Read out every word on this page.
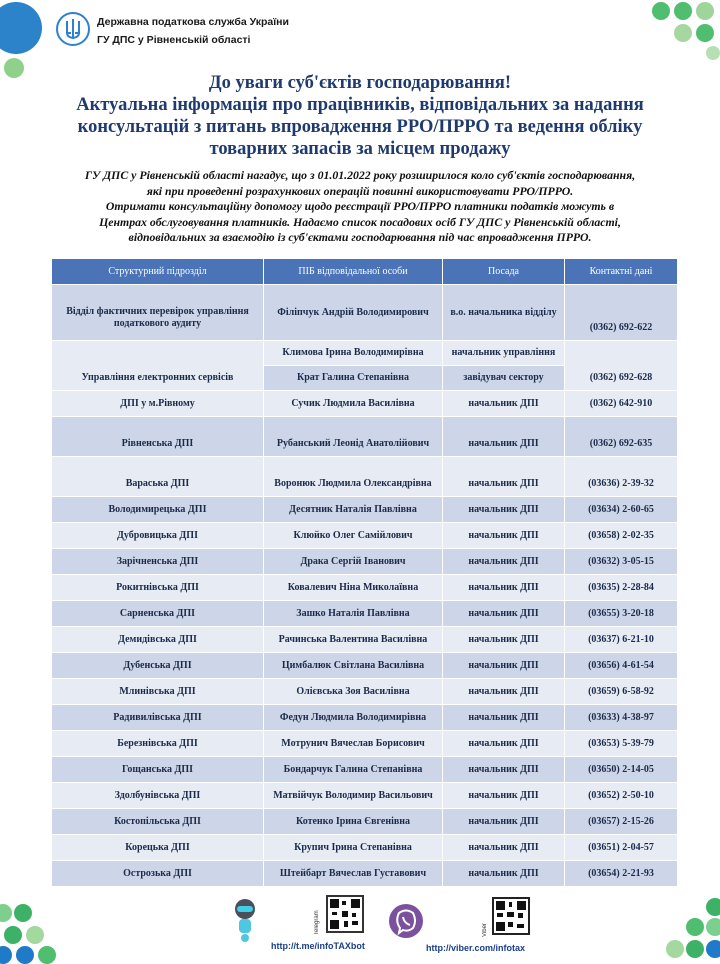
Державна податкова служба України
ГУ ДПС у Рівненській області
До уваги суб'єктів господарювання!
Актуальна інформація про працівників, відповідальних за надання
консультацій з питань впровадження РРО/ПРРО та ведення обліку
товарних запасів за місцем продажу
ГУ ДПС у Рівненській області нагадує, що з 01.01.2022 року розширилося коло суб'єктів господарювання,
які при проведенні розрахункових операцій повинні використовувати РРО/ПРРО.
Отримати консультаційну допомогу щодо реєстрації РРО/ПРРО платники податків можуть в
Центрах обслуговування платників. Надаємо список посадових осіб ГУ ДПС у Рівненській області,
відповідальних за взаємодію із суб'єктами господарювання під час впровадження ПРРО.
Структурний підрозділ	ПІБ відповідальної особи	Посада	Контактні дані
Відділ фактичних перевірок управління податкового аудиту	Філіпчук Андрій Володимирович	в.о. начальника відділу	(0362) 692-622
Управління електронних сервісів	Климова Ірина Володимирівна	начальник управління	(0362) 692-628
	Крат Галина Степанівна	завідувач сектору	
ДПІ у м.Рівному	Сучик Людмила Василівна	начальник ДПІ	(0362) 642-910
Рівненська ДПІ	Рубанський Леонід Анатолійович	начальник ДПІ	(0362) 692-635
Вараська ДПІ	Воронюк Людмила Олександрівна	начальник ДПІ	(03636) 2-39-32
Володимирецька ДПІ	Десятник Наталія Павлівна	начальник ДПІ	(03634) 2-60-65
Дубровицька ДПІ	Клюйко Олег Самійлович	начальник ДПІ	(03658) 2-02-35
Зарічненська ДПІ	Драка Сергій Іванович	начальник ДПІ	(03632) 3-05-15
Рокитнівська ДПІ	Ковалевич Ніна Миколаївна	начальник ДПІ	(03635) 2-28-84
Сарненська ДПІ	Зашко Наталія Павлівна	начальник ДПІ	(03655) 3-20-18
Демидівська ДПІ	Рачинська Валентина Василівна	начальник ДПІ	(03637) 6-21-10
Дубенська ДПІ	Цимбалюк Світлана Василівна	начальник ДПІ	(03656) 4-61-54
Млинівська ДПІ	Олієвська Зоя Василівна	начальник ДПІ	(03659) 6-58-92
Радивилівська ДПІ	Федун Людмила Володимирівна	начальник ДПІ	(03633) 4-38-97
Березнівська ДПІ	Мотрунич Вячеслав Борисович	начальник ДПІ	(03653) 5-39-79
Гощанська ДПІ	Бондарчук Галина Степанівна	начальник ДПІ	(03650) 2-14-05
Здолбунівська ДПІ	Матвійчук Володимир Васильович	начальник ДПІ	(03652) 2-50-10
Костопільська ДПІ	Котенко Ірина Євгенівна	начальник ДПІ	(03657) 2-15-26
Корецька ДПІ	Крупич Ірина Степанівна	начальник ДПІ	(03651) 2-04-57
Острозька ДПІ	Штейбарт Вячеслав Густавович	начальник ДПІ	(03654) 2-21-93
Telegram
http://t.me/infoTAXbot
Viber
http://viber.com/infotax
